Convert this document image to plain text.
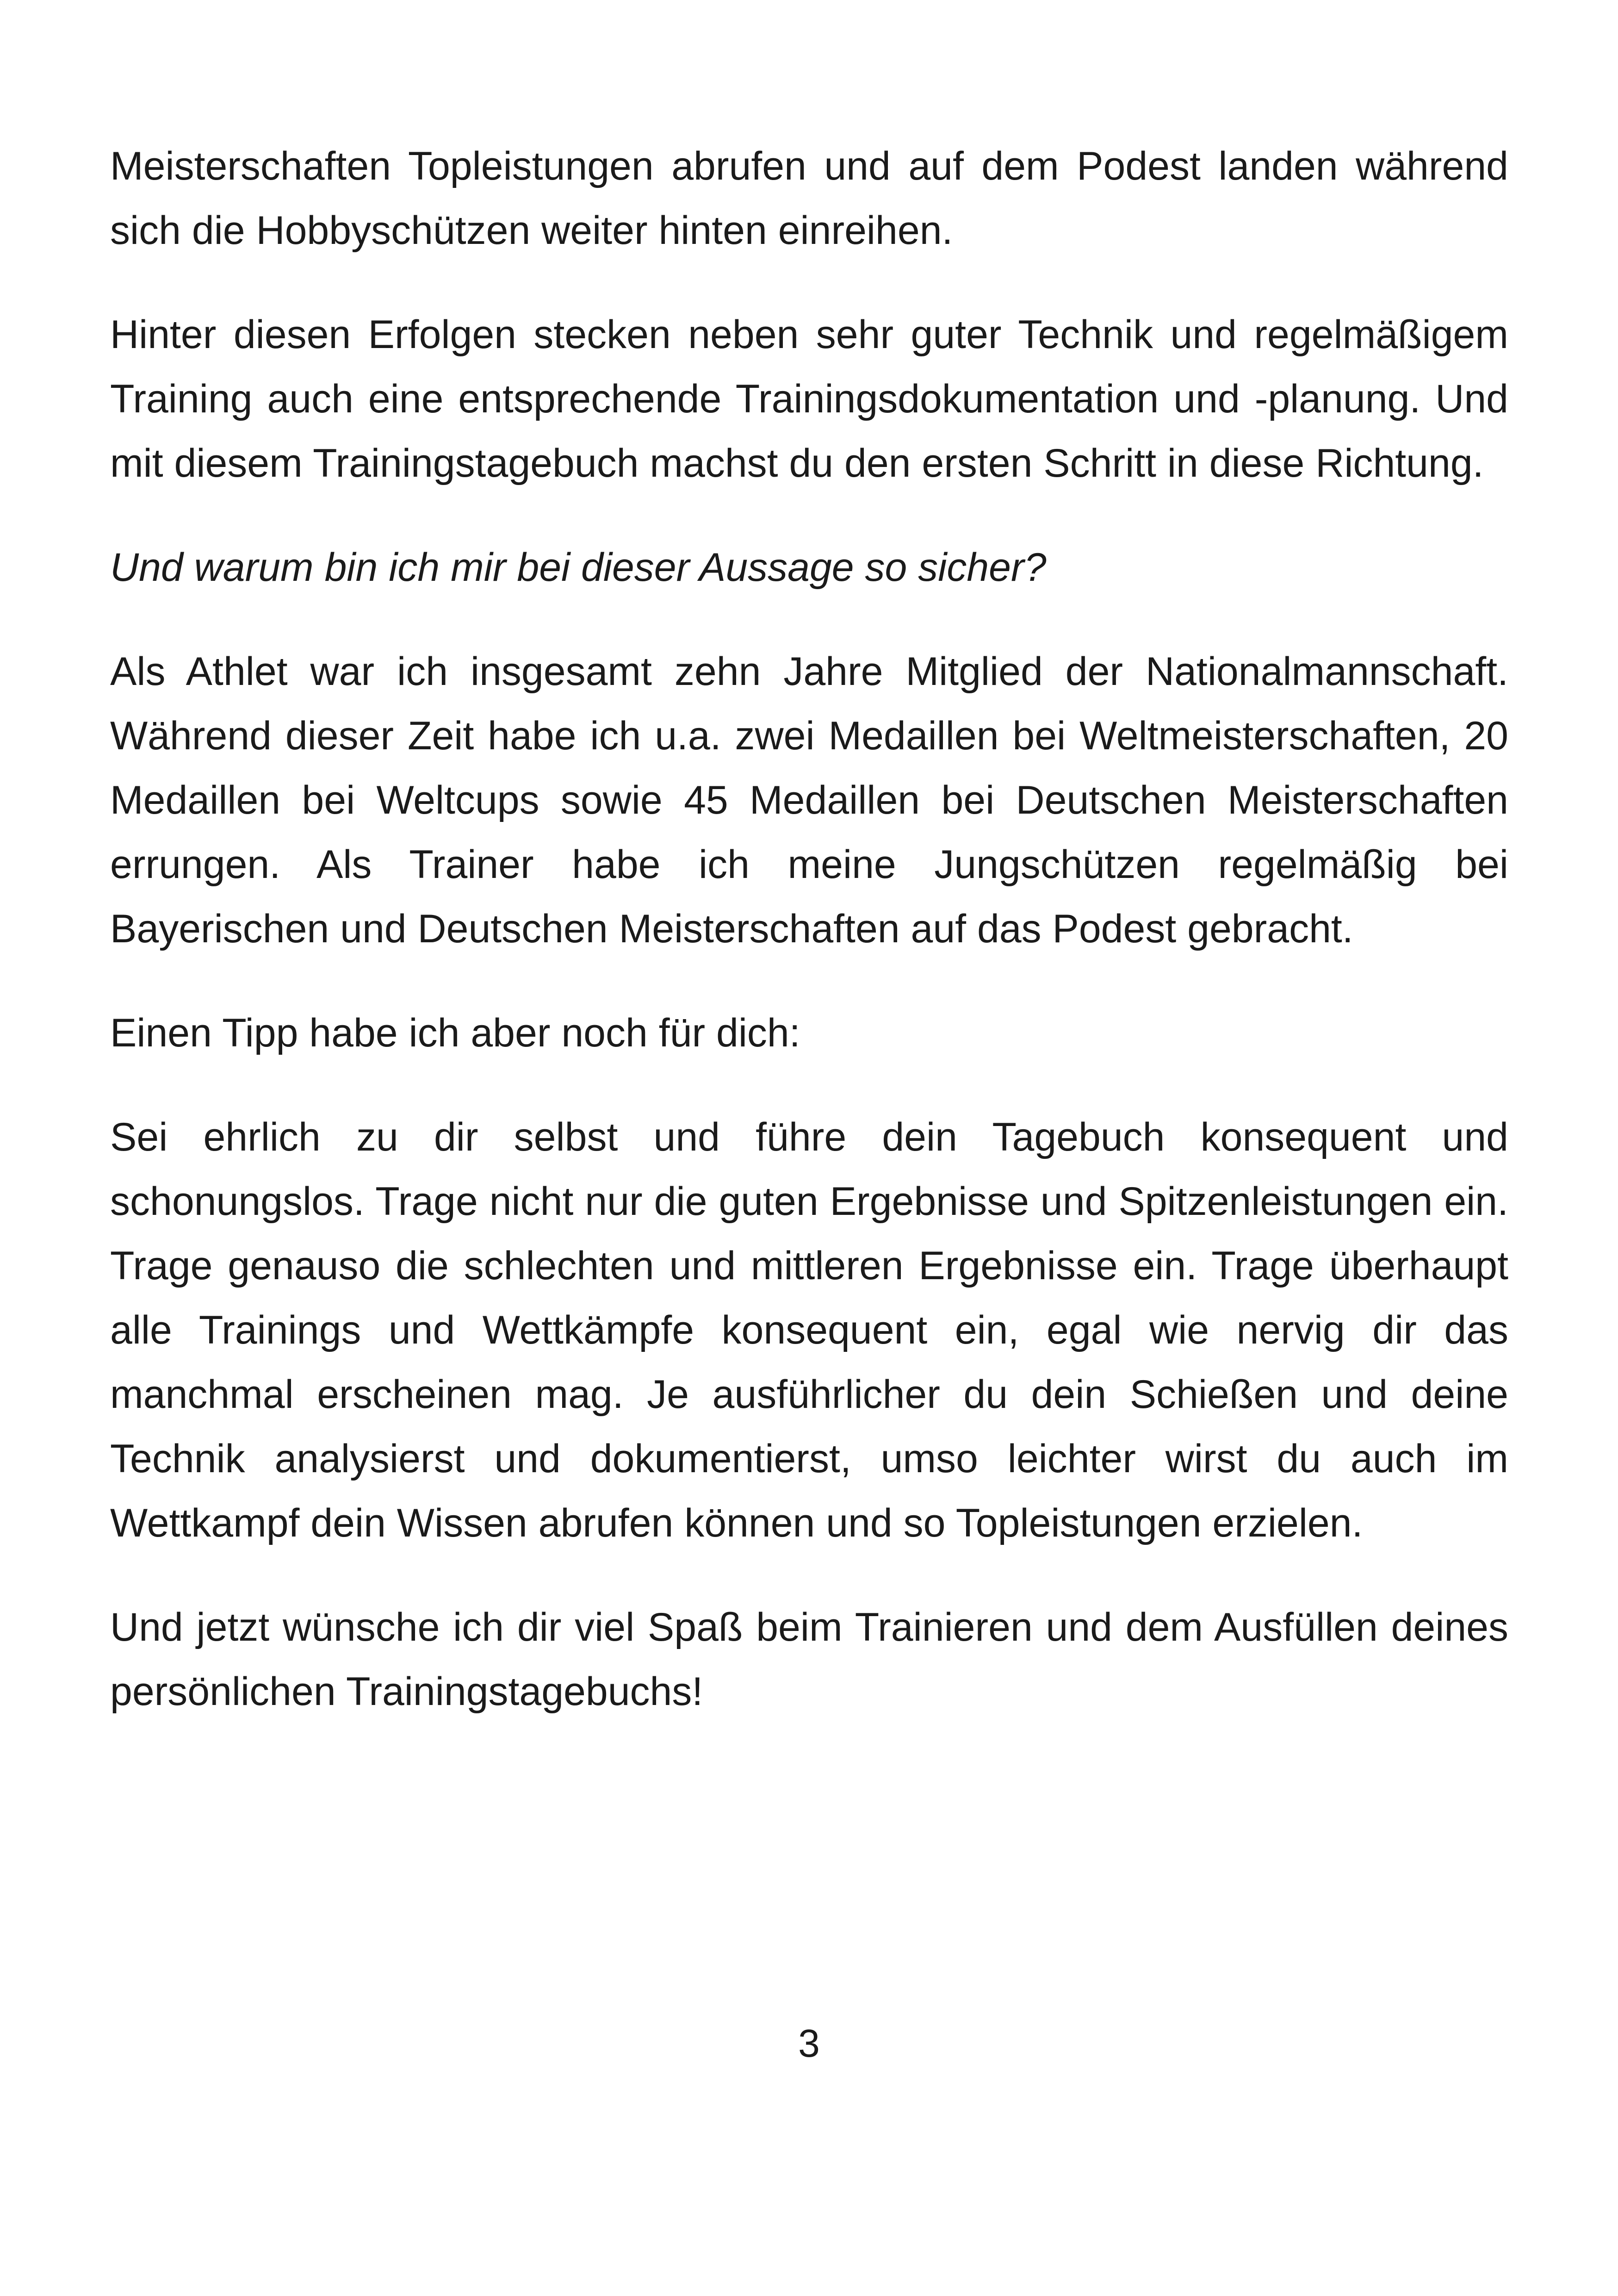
Meisterschaften Topleistungen abrufen und auf dem Podest landen während sich die Hobbyschützen weiter hinten einreihen.

Hinter diesen Erfolgen stecken neben sehr guter Technik und regelmäßigem Training auch eine entsprechende Trainingsdokumentation und -planung. Und mit diesem Trainingstagebuch machst du den ersten Schritt in diese Richtung.

Und warum bin ich mir bei dieser Aussage so sicher?

Als Athlet war ich insgesamt zehn Jahre Mitglied der Nationalmannschaft. Während dieser Zeit habe ich u.a. zwei Medaillen bei Weltmeisterschaften, 20 Medaillen bei Weltcups sowie 45 Medaillen bei Deutschen Meisterschaften errungen. Als Trainer habe ich meine Jungschützen regelmäßig bei Bayerischen und Deutschen Meisterschaften auf das Podest gebracht.

Einen Tipp habe ich aber noch für dich:

Sei ehrlich zu dir selbst und führe dein Tagebuch konsequent und schonungslos. Trage nicht nur die guten Ergebnisse und Spitzenleistungen ein. Trage genauso die schlechten und mittleren Ergebnisse ein. Trage überhaupt alle Trainings und Wettkämpfe konsequent ein, egal wie nervig dir das manchmal erscheinen mag. Je ausführlicher du dein Schießen und deine Technik analysierst und dokumentierst, umso leichter wirst du auch im Wettkampf dein Wissen abrufen können und so Topleistungen erzielen.

Und jetzt wünsche ich dir viel Spaß beim Trainieren und dem Ausfüllen deines persönlichen Trainingstagebuchs!

3
